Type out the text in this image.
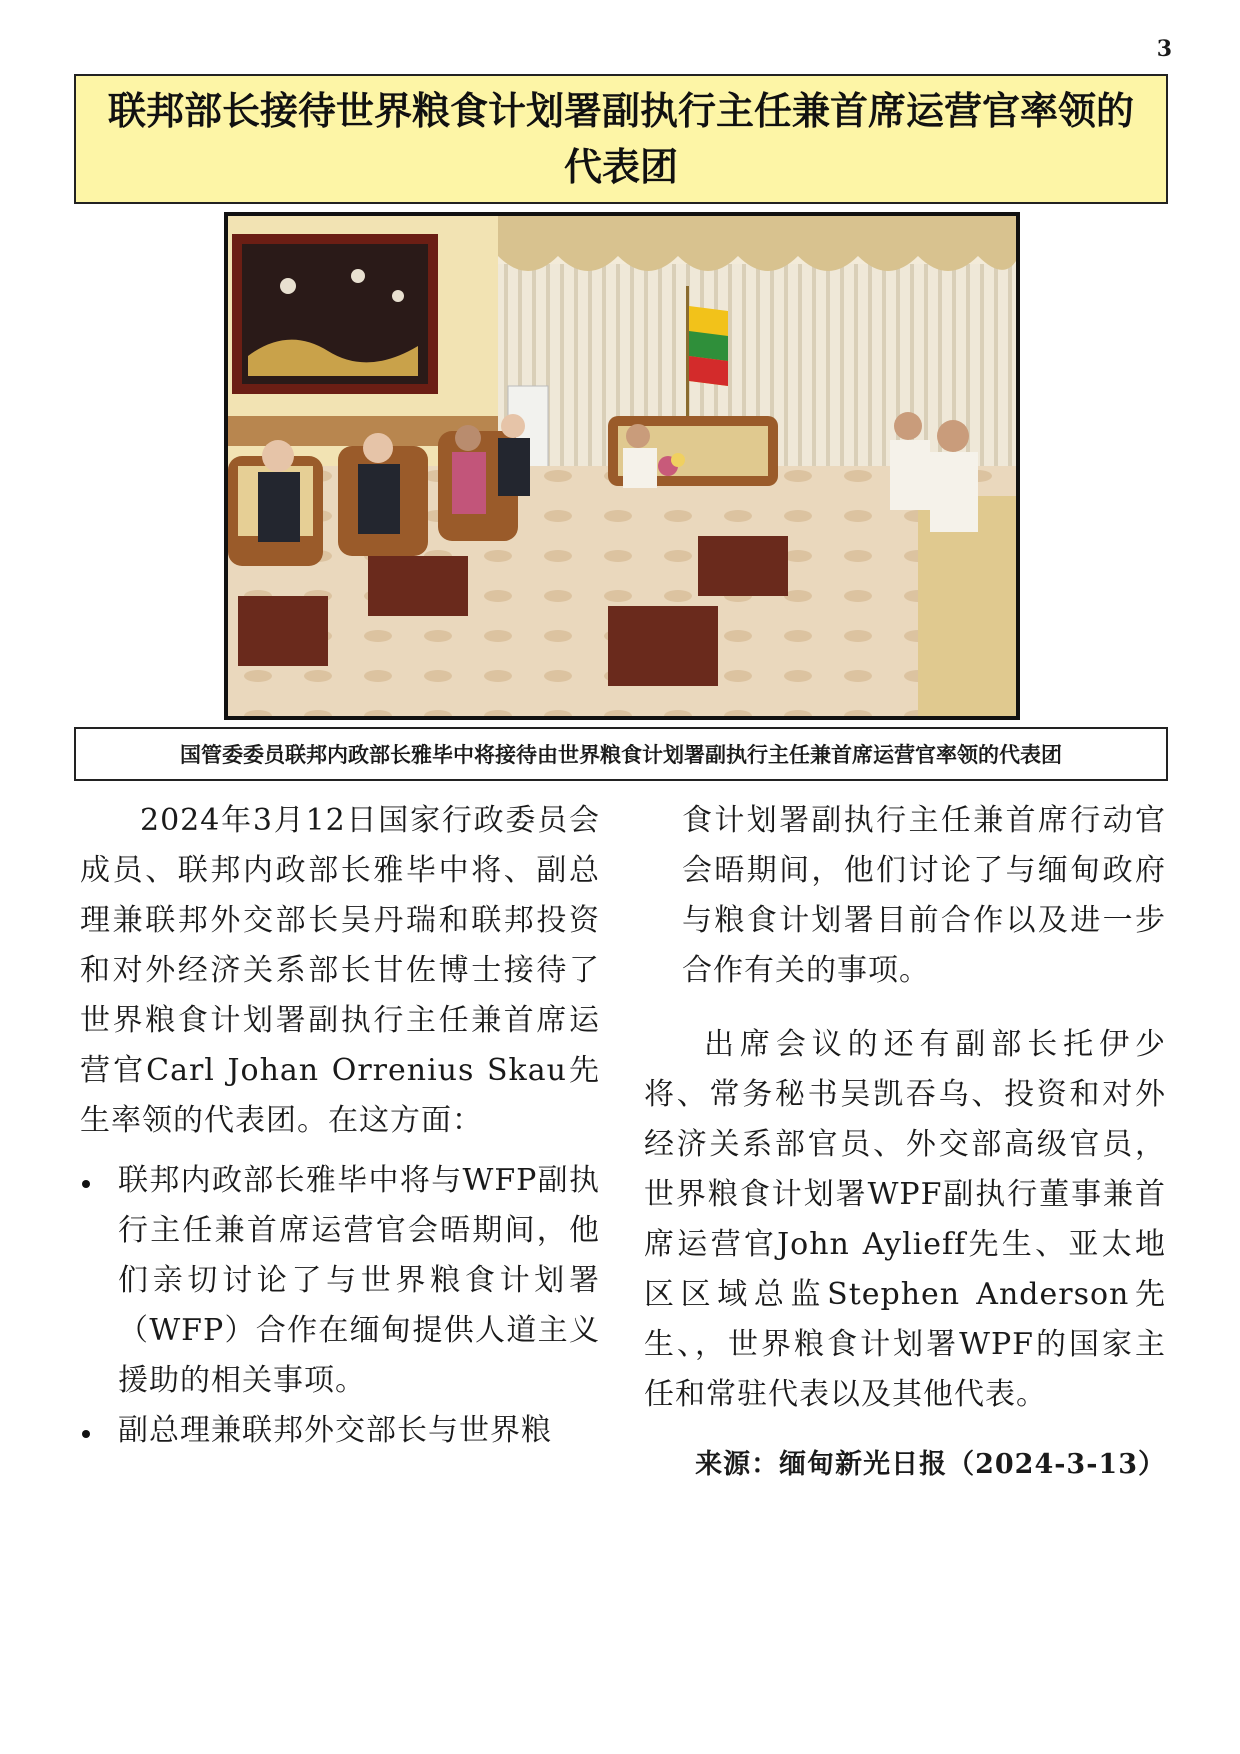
3
联邦部长接待世界粮食计划署副执行主任兼首席运营官率领的代表团
国管委委员联邦内政部长雅毕中将接待由世界粮食计划署副执行主任兼首席运营官率领的代表团

2024年3月12日国家行政委员会成员、联邦内政部长雅毕中将、副总理兼联邦外交部长吴丹瑞和联邦投资和对外经济关系部长甘佐博士接待了世界粮食计划署副执行主任兼首席运营官Carl Johan Orrenius Skau先生率领的代表团。在这方面：

联邦内政部长雅毕中将与WFP副执行主任兼首席运营官会晤期间，他们亲切讨论了与世界粮食计划署（WFP）合作在缅甸提供人道主义援助的相关事项。
副总理兼联邦外交部长与世界粮

食计划署副执行主任兼首席行动官会晤期间，他们讨论了与缅甸政府与粮食计划署目前合作以及进一步合作有关的事项。

出席会议的还有副部长托伊少将、常务秘书吴凯吞乌、投资和对外经济关系部官员、外交部高级官员，世界粮食计划署WPF副执行董事兼首席运营官John Aylieff先生、亚太地区区域总监Stephen Anderson先生、，世界粮食计划署WPF的国家主任和常驻代表以及其他代表。

来源：缅甸新光日报（2024-3-13）
